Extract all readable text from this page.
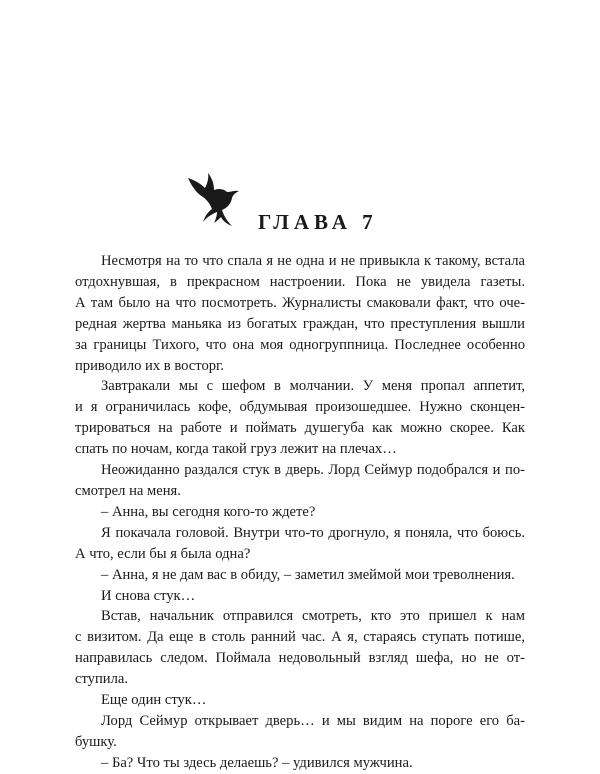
ГЛАВА 7

Несмотря на то что спала я не одна и не привыкла к такому, встала
отдохнувшая, в прекрасном настроении. Пока не увидела газеты.
А там было на что посмотреть. Журналисты смаковали факт, что оче-
редная жертва маньяка из богатых граждан, что преступления вышли
за границы Тихого, что она моя одногруппница. Последнее особенно
приводило их в восторг.

Завтракали мы с шефом в молчании. У меня пропал аппетит,
и я ограничилась кофе, обдумывая произошедшее. Нужно сконцен-
трироваться на работе и поймать душегуба как можно скорее. Как
спать по ночам, когда такой груз лежит на плечах…

Неожиданно раздался стук в дверь. Лорд Сеймур подобрался и по-
смотрел на меня.

– Анна, вы сегодня кого-то ждете?

Я покачала головой. Внутри что-то дрогнуло, я поняла, что боюсь.
А что, если бы я была одна?

– Анна, я не дам вас в обиду, – заметил змеймой мои треволнения.

И снова стук…

Встав, начальник отправился смотреть, кто это пришел к нам
с визитом. Да еще в столь ранний час. А я, стараясь ступать потише,
направилась следом. Поймала недовольный взгляд шефа, но не от-
ступила.

Еще один стук…

Лорд Сеймур открывает дверь… и мы видим на пороге его ба-
бушку.

– Ба? Что ты здесь делаешь? – удивился мужчина.
